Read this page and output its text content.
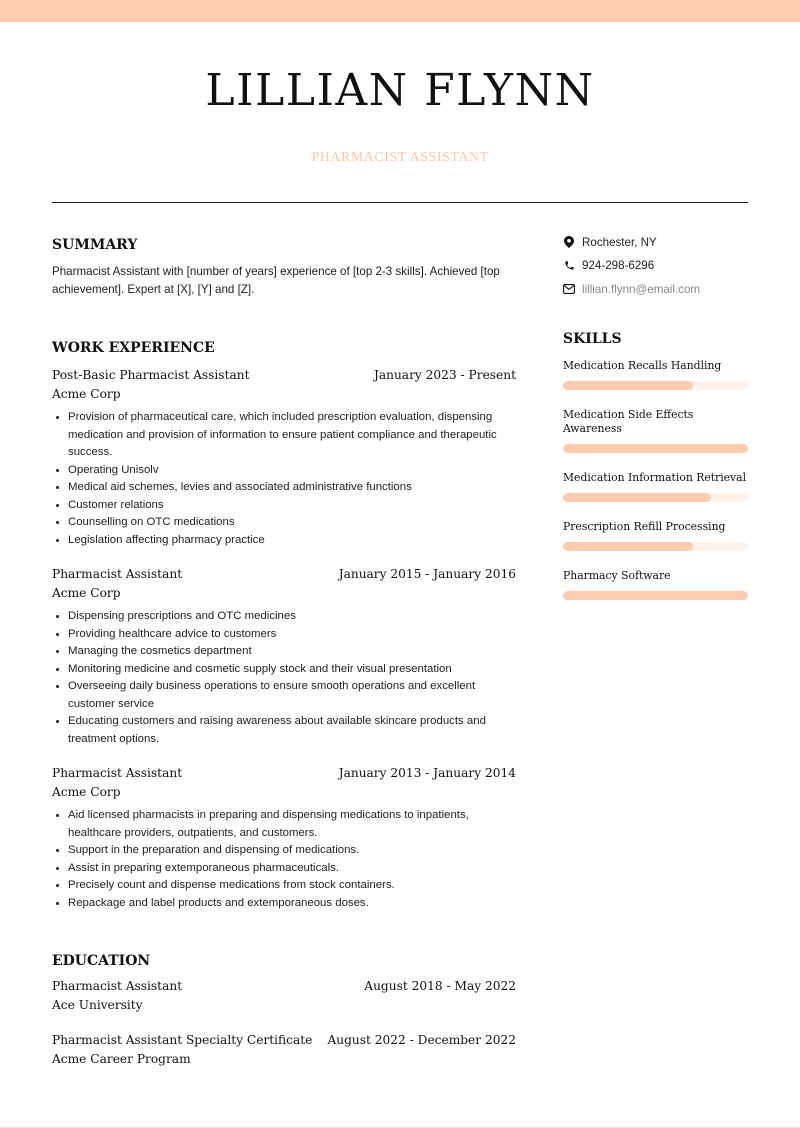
LILLIAN FLYNN
PHARMACIST ASSISTANT
SUMMARY
Pharmacist Assistant with [number of years] experience of [top 2-3 skills]. Achieved [top achievement]. Expert at [X], [Y] and [Z].
WORK EXPERIENCE
Post-Basic Pharmacist Assistant	January 2023 - Present
Acme Corp
• Provision of pharmaceutical care, which included prescription evaluation, dispensing medication and provision of information to ensure patient compliance and therapeutic success.
• Operating Unisolv
• Medical aid schemes, levies and associated administrative functions
• Customer relations
• Counselling on OTC medications
• Legislation affecting pharmacy practice
Pharmacist Assistant	January 2015 - January 2016
Acme Corp
• Dispensing prescriptions and OTC medicines
• Providing healthcare advice to customers
• Managing the cosmetics department
• Monitoring medicine and cosmetic supply stock and their visual presentation
• Overseeing daily business operations to ensure smooth operations and excellent customer service
• Educating customers and raising awareness about available skincare products and treatment options.
Pharmacist Assistant	January 2013 - January 2014
Acme Corp
• Aid licensed pharmacists in preparing and dispensing medications to inpatients, healthcare providers, outpatients, and customers.
• Support in the preparation and dispensing of medications.
• Assist in preparing extemporaneous pharmaceuticals.
• Precisely count and dispense medications from stock containers.
• Repackage and label products and extemporaneous doses.
EDUCATION
Pharmacist Assistant	August 2018 - May 2022
Ace University
Pharmacist Assistant Specialty Certificate August 2022 - December 2022
Acme Career Program
Rochester, NY
924-298-6296
lillian.flynn@email.com
SKILLS
Medication Recalls Handling
Medication Side Effects Awareness
Medication Information Retrieval
Prescription Refill Processing
Pharmacy Software
